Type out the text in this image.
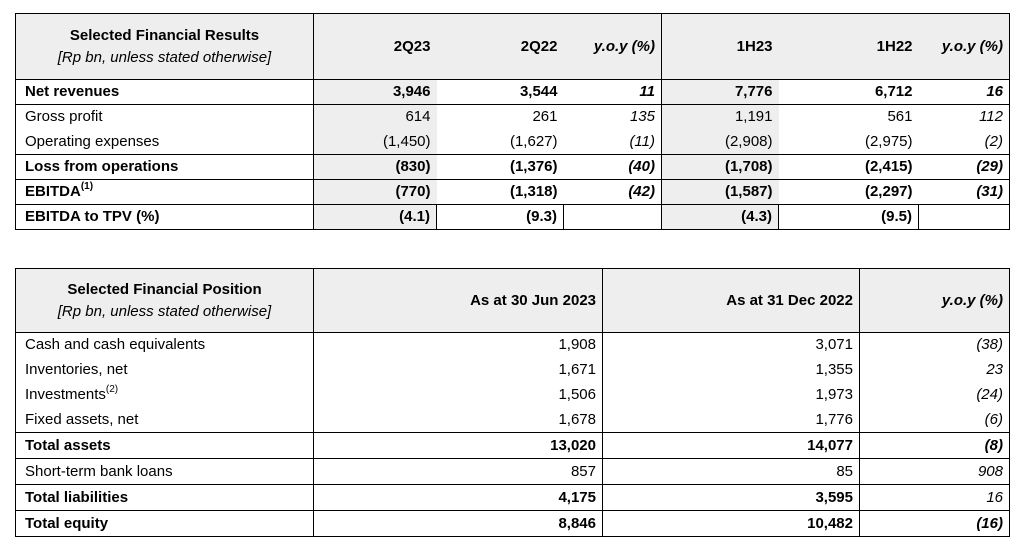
Selected Financial Results
[Rp bn, unless stated otherwise]	2Q23	2Q22	y.o.y (%)	1H23	1H22	y.o.y (%)
Net revenues	3,946	3,544	11	7,776	6,712	16
Gross profit	614	261	135	1,191	561	112
Operating expenses	(1,450)	(1,627)	(11)	(2,908)	(2,975)	(2)
Loss from operations	(830)	(1,376)	(40)	(1,708)	(2,415)	(29)
EBITDA$^{(1)}$	(770)	(1,318)	(42)	(1,587)	(2,297)	(31)
EBITDA to TPV (%)	(4.1)	(9.3)		(4.3)	(9.5)	
Selected Financial Position
[Rp bn, unless stated otherwise]	As at 30 Jun 2023	As at 31 Dec 2022	y.o.y (%)
Cash and cash equivalents	1,908	3,071	(38)
Inventories, net	1,671	1,355	23
Investments$^{(2)}$	1,506	1,973	(24)
Fixed assets, net	1,678	1,776	(6)
Total assets	13,020	14,077	(8)
Short-term bank loans	857	85	908
Total liabilities	4,175	3,595	16
Total equity	8,846	10,482	(16)
